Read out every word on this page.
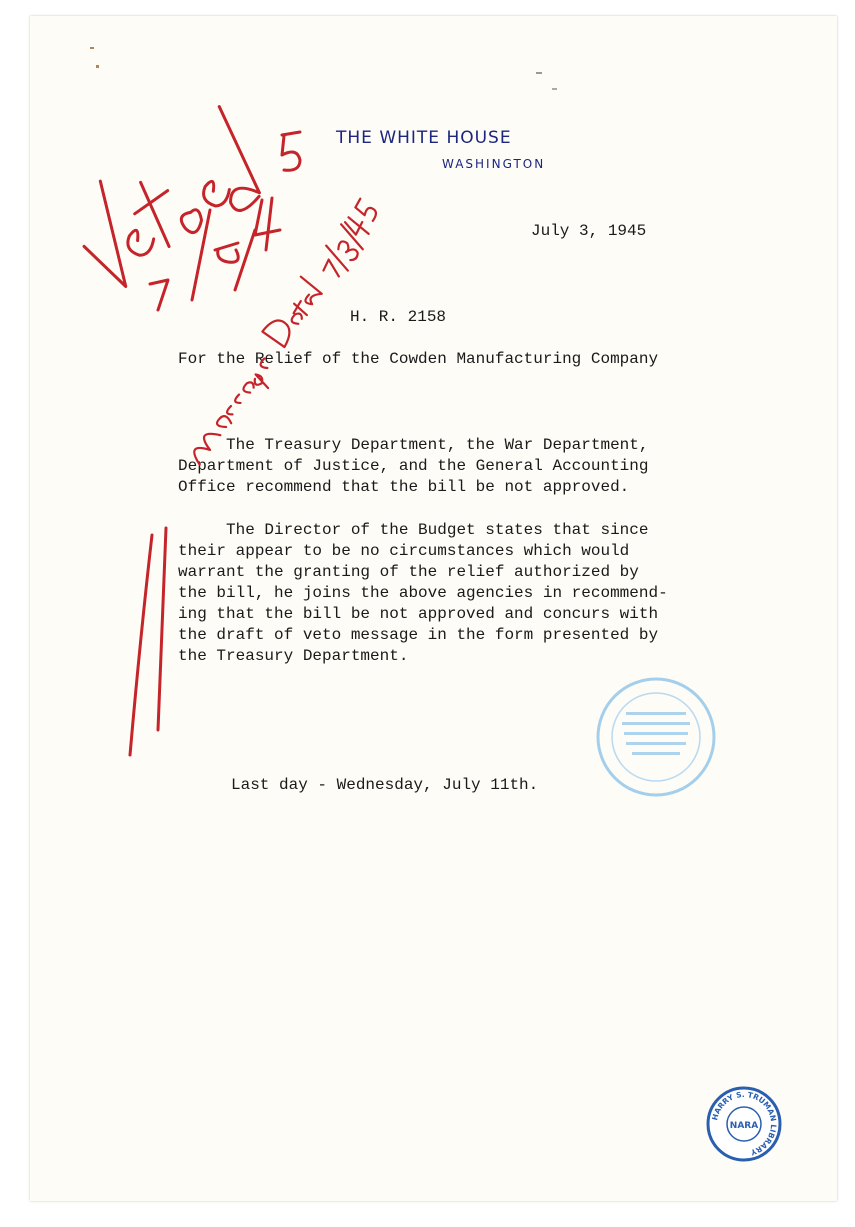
THE WHITE HOUSE
WASHINGTON
July 3, 1945
H. R. 2158
For the Relief of the Cowden Manufacturing Company
The Treasury Department, the War Department,
Department of Justice, and the General Accounting
Office recommend that the bill be not approved.
The Director of the Budget states that since
their appear to be no circumstances which would
warrant the granting of the relief authorized by
the bill, he joins the above agencies in recommend-
ing that the bill be not approved and concurs with
the draft of veto message in the form presented by
the Treasury Department.
Last day - Wednesday, July 11th.
HARRY S. TRUMAN LIBRARY
NARA
